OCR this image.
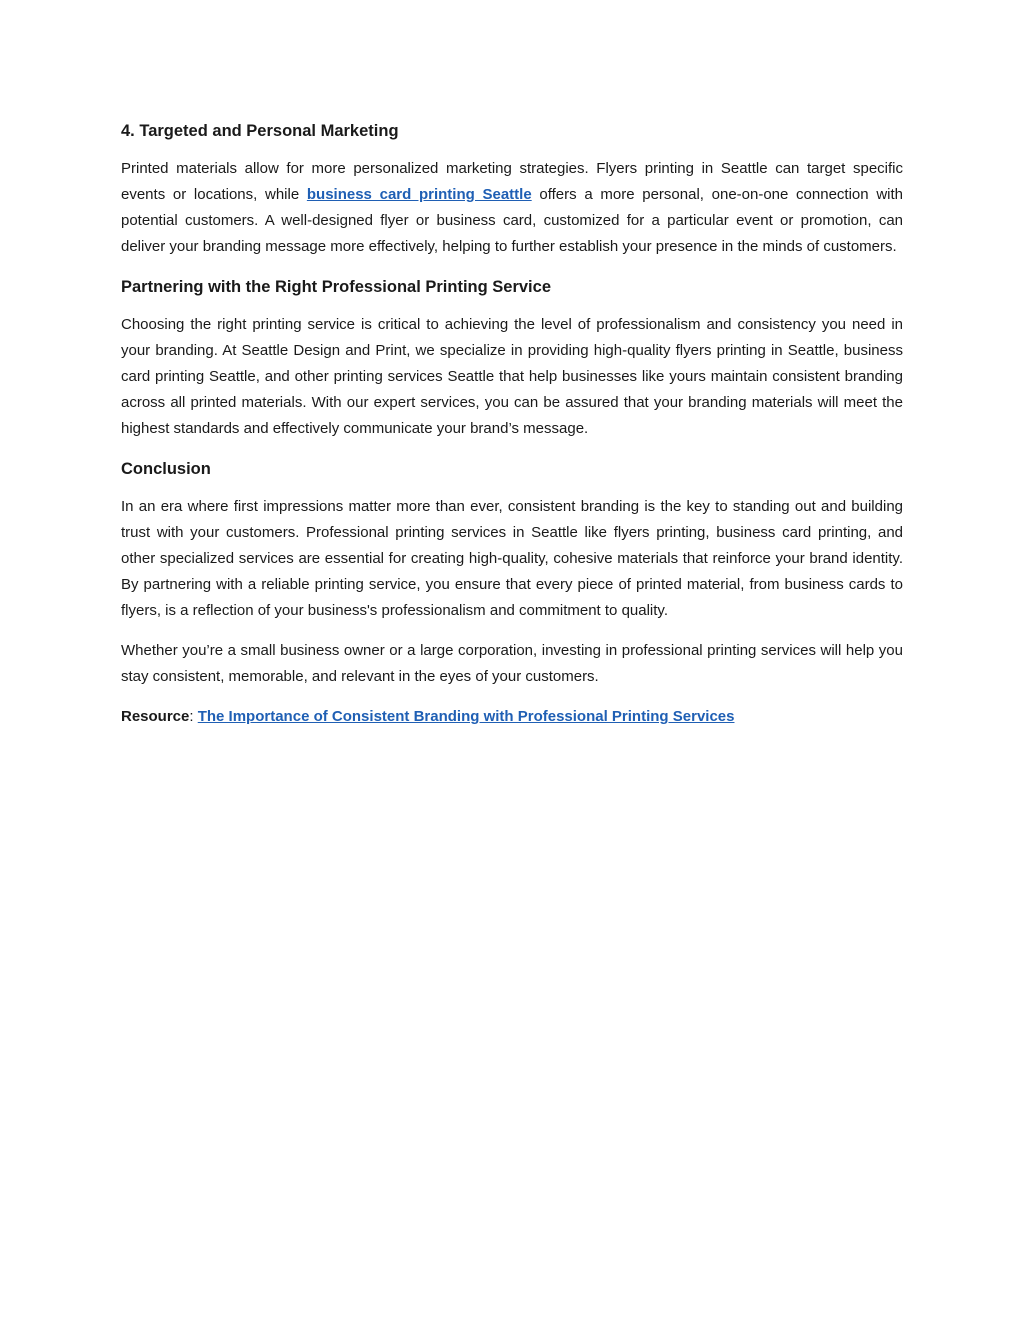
4. Targeted and Personal Marketing

Printed materials allow for more personalized marketing strategies. Flyers printing in Seattle can target specific events or locations, while business card printing Seattle offers a more personal, one-on-one connection with potential customers. A well-designed flyer or business card, customized for a particular event or promotion, can deliver your branding message more effectively, helping to further establish your presence in the minds of customers.

Partnering with the Right Professional Printing Service

Choosing the right printing service is critical to achieving the level of professionalism and consistency you need in your branding. At Seattle Design and Print, we specialize in providing high-quality flyers printing in Seattle, business card printing Seattle, and other printing services Seattle that help businesses like yours maintain consistent branding across all printed materials. With our expert services, you can be assured that your branding materials will meet the highest standards and effectively communicate your brand’s message.

Conclusion

In an era where first impressions matter more than ever, consistent branding is the key to standing out and building trust with your customers. Professional printing services in Seattle like flyers printing, business card printing, and other specialized services are essential for creating high-quality, cohesive materials that reinforce your brand identity. By partnering with a reliable printing service, you ensure that every piece of printed material, from business cards to flyers, is a reflection of your business's professionalism and commitment to quality.

Whether you’re a small business owner or a large corporation, investing in professional printing services will help you stay consistent, memorable, and relevant in the eyes of your customers.

Resource: The Importance of Consistent Branding with Professional Printing Services
